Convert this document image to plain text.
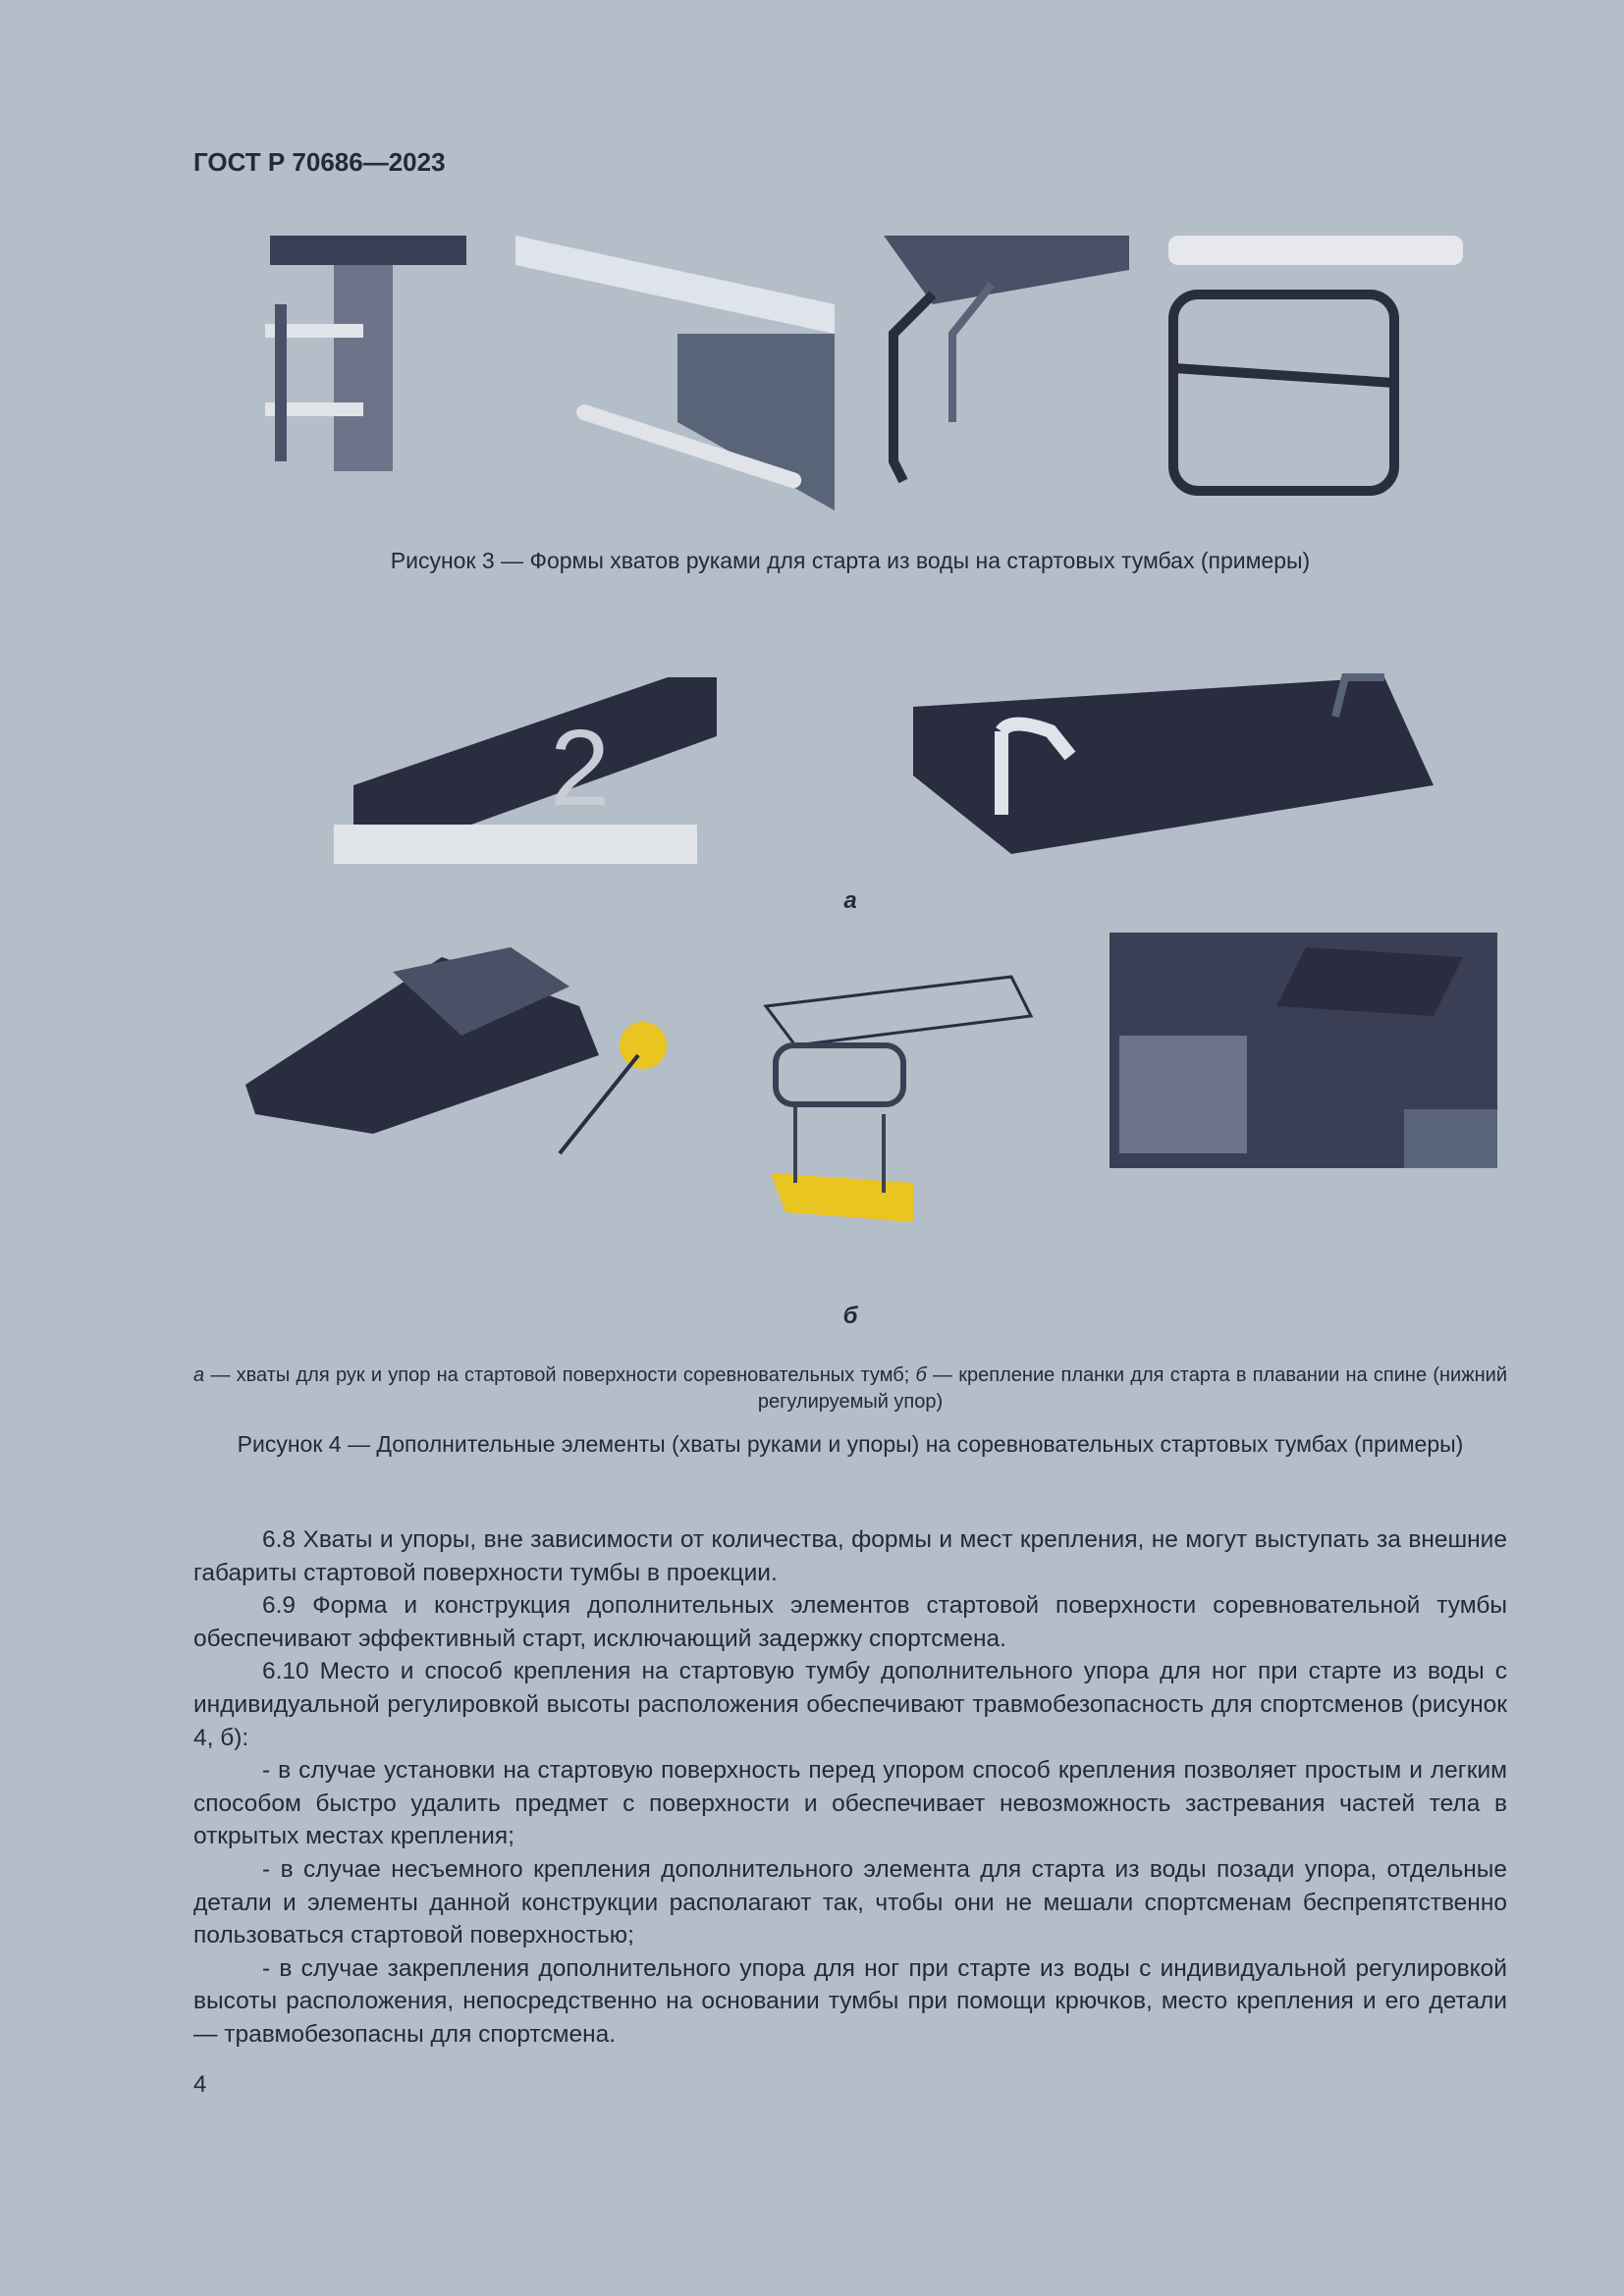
ГОСТ Р 70686—2023
Рисунок 3 — Формы хватов руками для старта из воды на стартовых тумбах (примеры)
2
а
б
а — хваты для рук и упор на стартовой поверхности соревновательных тумб; б — крепление планки для старта в плавании на спине (нижний регулируемый упор)
Рисунок 4 — Дополнительные элементы (хваты руками и упоры) на соревновательных стартовых тумбах (примеры)

6.8 Хваты и упоры, вне зависимости от количества, формы и мест крепления, не могут выступать за внешние габариты стартовой поверхности тумбы в проекции.

6.9 Форма и конструкция дополнительных элементов стартовой поверхности соревновательной тумбы обеспечивают эффективный старт, исключающий задержку спортсмена.

6.10 Место и способ крепления на стартовую тумбу дополнительного упора для ног при старте из воды с индивидуальной регулировкой высоты расположения обеспечивают травмобезопасность для спортсменов (рисунок 4, б):

- в случае установки на стартовую поверхность перед упором способ крепления позволяет простым и легким способом быстро удалить предмет с поверхности и обеспечивает невозможность застревания частей тела в открытых местах крепления;

- в случае несъемного крепления дополнительного элемента для старта из воды позади упора, отдельные детали и элементы данной конструкции располагают так, чтобы они не мешали спортсменам беспрепятственно пользоваться стартовой поверхностью;

- в случае закрепления дополнительного упора для ног при старте из воды с индивидуальной регулировкой высоты расположения, непосредственно на основании тумбы при помощи крючков, место крепления и его детали — травмобезопасны для спортсмена.

4
